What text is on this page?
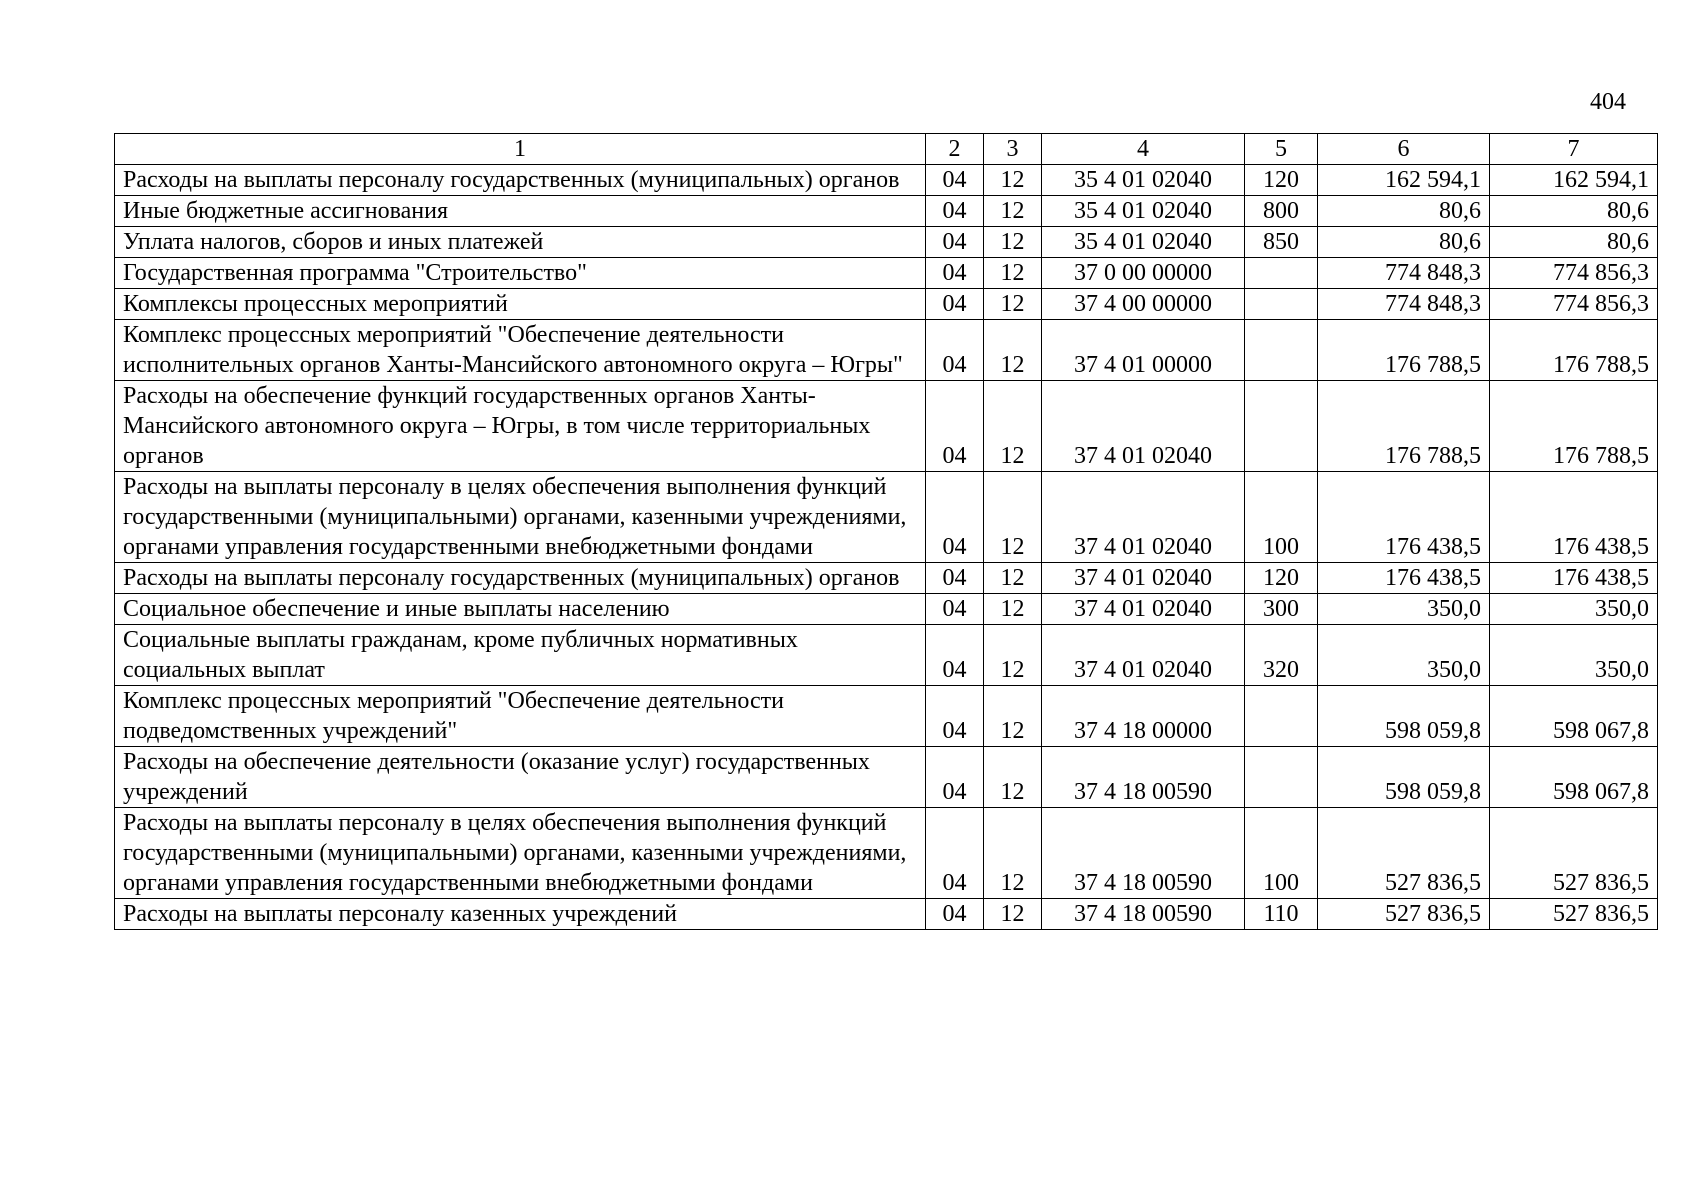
404
1	2	3	4	5	6	7
Расходы на выплаты персоналу государственных (муниципальных) органов	04	12	35 4 01 02040	120	162 594,1	162 594,1
Иные бюджетные ассигнования	04	12	35 4 01 02040	800	80,6	80,6
Уплата налогов, сборов и иных платежей	04	12	35 4 01 02040	850	80,6	80,6
Государственная программа "Строительство"	04	12	37 0 00 00000		774 848,3	774 856,3
Комплексы процессных мероприятий	04	12	37 4 00 00000		774 848,3	774 856,3
Комплекс процессных мероприятий "Обеспечение деятельности исполнительных органов Ханты-Мансийского автономного округа – Югры"	04	12	37 4 01 00000		176 788,5	176 788,5
Расходы на обеспечение функций государственных органов Ханты-Мансийского автономного округа – Югры, в том числе территориальных органов	04	12	37 4 01 02040		176 788,5	176 788,5
Расходы на выплаты персоналу в целях обеспечения выполнения функций государственными (муниципальными) органами, казенными учреждениями, органами управления государственными внебюджетными фондами	04	12	37 4 01 02040	100	176 438,5	176 438,5
Расходы на выплаты персоналу государственных (муниципальных) органов	04	12	37 4 01 02040	120	176 438,5	176 438,5
Социальное обеспечение и иные выплаты населению	04	12	37 4 01 02040	300	350,0	350,0
Социальные выплаты гражданам, кроме публичных нормативных социальных выплат	04	12	37 4 01 02040	320	350,0	350,0
Комплекс процессных мероприятий "Обеспечение деятельности подведомственных учреждений"	04	12	37 4 18 00000		598 059,8	598 067,8
Расходы на обеспечение деятельности (оказание услуг) государственных учреждений	04	12	37 4 18 00590		598 059,8	598 067,8
Расходы на выплаты персоналу в целях обеспечения выполнения функций государственными (муниципальными) органами, казенными учреждениями, органами управления государственными внебюджетными фондами	04	12	37 4 18 00590	100	527 836,5	527 836,5
Расходы на выплаты персоналу казенных учреждений	04	12	37 4 18 00590	110	527 836,5	527 836,5
